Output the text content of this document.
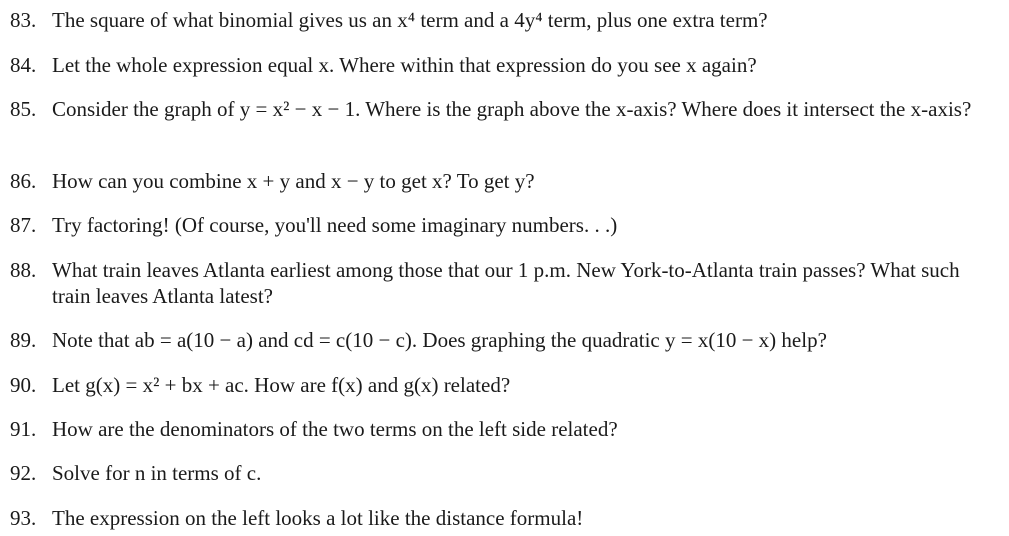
83. The square of what binomial gives us an x⁴ term and a 4y⁴ term, plus one extra term?
84. Let the whole expression equal x. Where within that expression do you see x again?
85. Consider the graph of y = x² − x − 1. Where is the graph above the x-axis? Where does it intersect the x-axis?
86. How can you combine x + y and x − y to get x? To get y?
87. Try factoring! (Of course, you'll need some imaginary numbers. . .)
88. What train leaves Atlanta earliest among those that our 1 p.m. New York-to-Atlanta train passes? What such train leaves Atlanta latest?
89. Note that ab = a(10 − a) and cd = c(10 − c). Does graphing the quadratic y = x(10 − x) help?
90. Let g(x) = x² + bx + ac. How are f(x) and g(x) related?
91. How are the denominators of the two terms on the left side related?
92. Solve for n in terms of c.
93. The expression on the left looks a lot like the distance formula!
